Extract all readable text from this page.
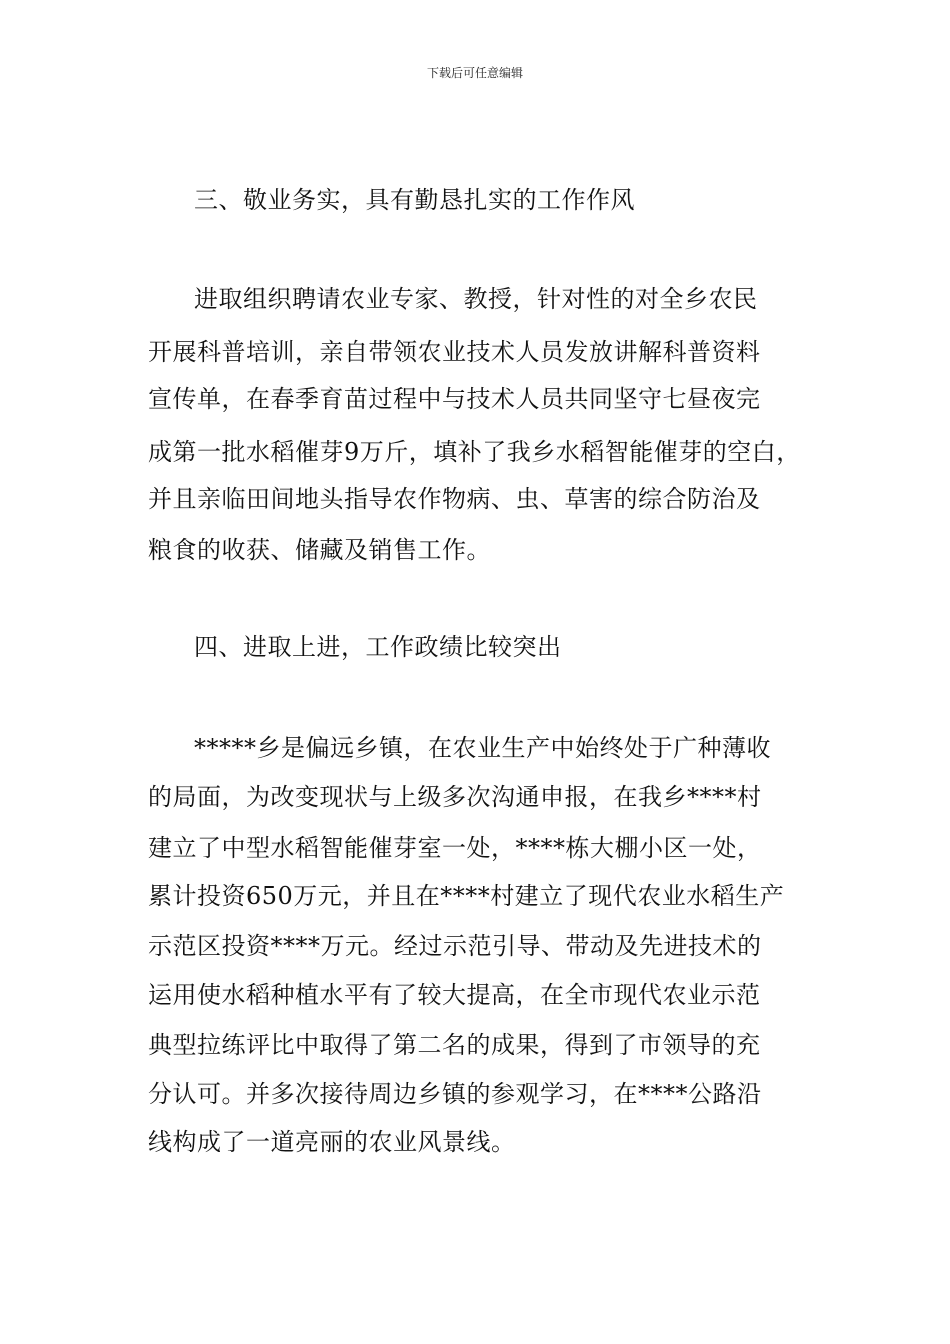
下载后可任意编辑
三、敬业务实，具有勤恳扎实的工作作风
进取组织聘请农业专家、教授，针对性的对全乡农民
开展科普培训，亲自带领农业技术人员发放讲解科普资料
宣传单，在春季育苗过程中与技术人员共同坚守七昼夜完
成第一批水稻催芽9万斤，填补了我乡水稻智能催芽的空白，
并且亲临田间地头指导农作物病、虫、草害的综合防治及
粮食的收获、储藏及销售工作。
四、进取上进，工作政绩比较突出
*****乡是偏远乡镇，在农业生产中始终处于广种薄收
的局面，为改变现状与上级多次沟通申报，在我乡****村
建立了中型水稻智能催芽室一处，****栋大棚小区一处，
累计投资650万元，并且在****村建立了现代农业水稻生产
示范区投资****万元。经过示范引导、带动及先进技术的
运用使水稻种植水平有了较大提高，在全市现代农业示范
典型拉练评比中取得了第二名的成果，得到了市领导的充
分认可。并多次接待周边乡镇的参观学习，在****公路沿
线构成了一道亮丽的农业风景线。
